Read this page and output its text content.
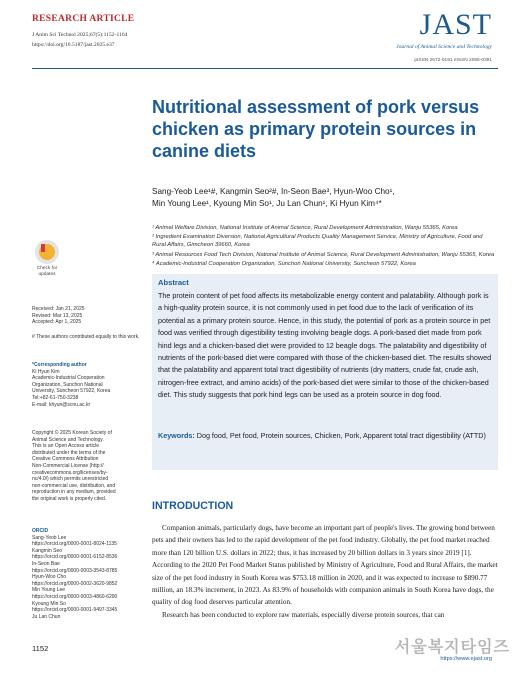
RESEARCH ARTICLE
J Anim Sci Technol 2025;67(5):1152-1164
https://doi.org/10.5187/jast.2025.e37
JAST
Journal of Animal Science and Technology
pISSN 2672-0191 eISSN 2055-0391
Nutritional assessment of pork versus chicken as primary protein sources in canine diets
Sang-Yeob Lee¹#, Kangmin Seo²#, In-Seon Bae³, Hyun-Woo Cho¹,
Min Young Lee¹, Kyoung Min So¹, Ju Lan Chun¹, Ki Hyun Kim⁴*

¹ Animal Welfare Division, National Institute of Animal Science, Rural Development Administration, Wanju 55365, Korea

² Ingredient Examination Diversion, National Agricultural Products Quality Management Service, Ministry of Agriculture, Food and Rural Affairs, Gimcheon 39660, Korea

³ Animal Resources Food Tech Division, National Institute of Animal Science, Rural Development Administration, Wanju 55365, Korea

⁴ Academic-Industrial Cooperation Organization, Sunchon National University, Suncheon 57922, Korea

Check for
updates

Received: Jan 21, 2025

Revised: Mar 13, 2025

Accepted: Apr 1, 2025

# These authors contributed equally to this work.

*Corresponding author

Ki Hyun Kim

Academic-Industrial Cooperation

Organization, Sunchon National

University, Suncheon 57922, Korea

Tel:+82-61-750-3238

E-mail: khyun@scnu.ac.kr

Copyright © 2025 Korean Society of

Animal Science and Technology.

This is an Open Access article

distributed under the terms of the

Creative Commons Attribution

Non-Commercial License (http://

creativecommons.org/licenses/by-

nc/4.0/) which permits unrestricted

non-commercial use, distribution, and

reproduction in any medium, provided

the original work is properly cited.

ORCID

Sang-Yeob Lee

https://orcid.org/0000-0001-8024-1135

Kangmin Seo

https://orcid.org/0000-0001-6152-8536

In-Seon Bae

https://orcid.org/0000-0003-3543-8785

Hyun-Woo Cho

https://orcid.org/0000-0002-3620-9852

Min Young Lee

https://orcid.org/0000-0003-4860-6290

Kyoung Min So

https://orcid.org/0000-0001-9497-3345

Ju Lan Chun

Abstract
The protein content of pet food affects its metabolizable energy content and palatability. Although pork is a high-quality protein source, it is not commonly used in pet food due to the lack of verification of its potential as a primary protein source. Hence, in this study, the potential of pork as a protein source in pet food was verified through digestibility testing involving beagle dogs. A pork-based diet made from pork hind legs and a chicken-based diet were provided to 12 beagle dogs. The palatability and digestibility of nutrients of the pork-based diet were compared with those of the chicken-based diet. The results showed that the palatability and apparent total tract digestibility of nutrients (dry matters, crude fat, crude ash, nitrogen-free extract, and amino acids) of the pork-based diet were similar to those of the chicken-based diet. This study suggests that pork hind legs can be used as a protein source in dog food.
Keywords: Dog food, Pet food, Protein sources, Chicken, Pork, Apparent total tract digestibility (ATTD)
INTRODUCTION

Companion animals, particularly dogs, have become an important part of people's lives. The growing bond between pets and their owners has led to the rapid development of the pet food industry. Globally, the pet food market reached more than 120 billion U.S. dollars in 2022; thus, it has increased by 20 billion dollars in 3 years since 2019 [1]. According to the 2020 Pet Food Market Status published by Ministry of Agriculture, Food and Rural Affairs, the market size of the pet food industry in South Korea was $753.18 million in 2020, and it was expected to increase to $890.77 million, an 18.3% increment, in 2023. As 83.9% of households with companion animals in South Korea have dogs, the quality of dog food deserves particular attention.

Research has been conducted to explore raw materials, especially diverse protein sources, that can

1152
https://www.ejast.org
서울복지타임즈
